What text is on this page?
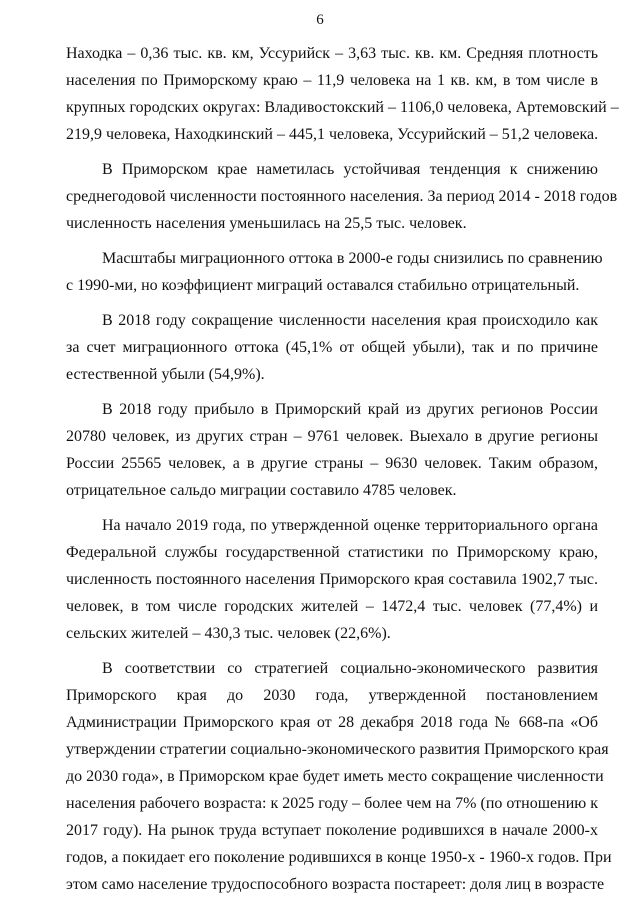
6

Находка – 0,36 тыс. кв. км, Уссурийск – 3,63 тыс. кв. км. Средняя плотность
населения по Приморскому краю – 11,9 человека на 1 кв. км, в том числе в
крупных городских округах: Владивостокский – 1106,0 человека, Артемовский –
219,9 человека, Находкинский – 445,1 человека, Уссурийский – 51,2 человека.

В Приморском крае наметилась устойчивая тенденция к снижению
среднегодовой численности постоянного населения. За период 2014 - 2018 годов
численность населения уменьшилась на 25,5 тыс. человек.

Масштабы миграционного оттока в 2000-е годы снизились по сравнению
с 1990-ми, но коэффициент миграций оставался стабильно отрицательный.

В 2018 году сокращение численности населения края происходило как
за счет миграционного оттока (45,1% от общей убыли), так и по причине
естественной убыли (54,9%).

В 2018 году прибыло в Приморский край из других регионов России
20780 человек, из других стран – 9761 человек. Выехало в другие регионы
России 25565 человек, а в другие страны – 9630 человек. Таким образом,
отрицательное сальдо миграции составило 4785 человек.

На начало 2019 года, по утвержденной оценке территориального органа
Федеральной службы государственной статистики по Приморскому краю,
численность постоянного населения Приморского края составила 1902,7 тыс.
человек, в том числе городских жителей – 1472,4 тыс. человек (77,4%) и
сельских жителей – 430,3 тыс. человек (22,6%).

В соответствии со стратегией социально-экономического развития
Приморского края до 2030 года, утвержденной постановлением
Администрации Приморского края от 28 декабря 2018 года № 668-па «Об
утверждении стратегии социально-экономического развития Приморского края
до 2030 года», в Приморском крае будет иметь место сокращение численности
населения рабочего возраста: к 2025 году – более чем на 7% (по отношению к
2017 году). На рынок труда вступает поколение родившихся в начале 2000-х
годов, а покидает его поколение родившихся в конце 1950-х - 1960-х годов. При
этом само население трудоспособного возраста постареет: доля лиц в возрасте
